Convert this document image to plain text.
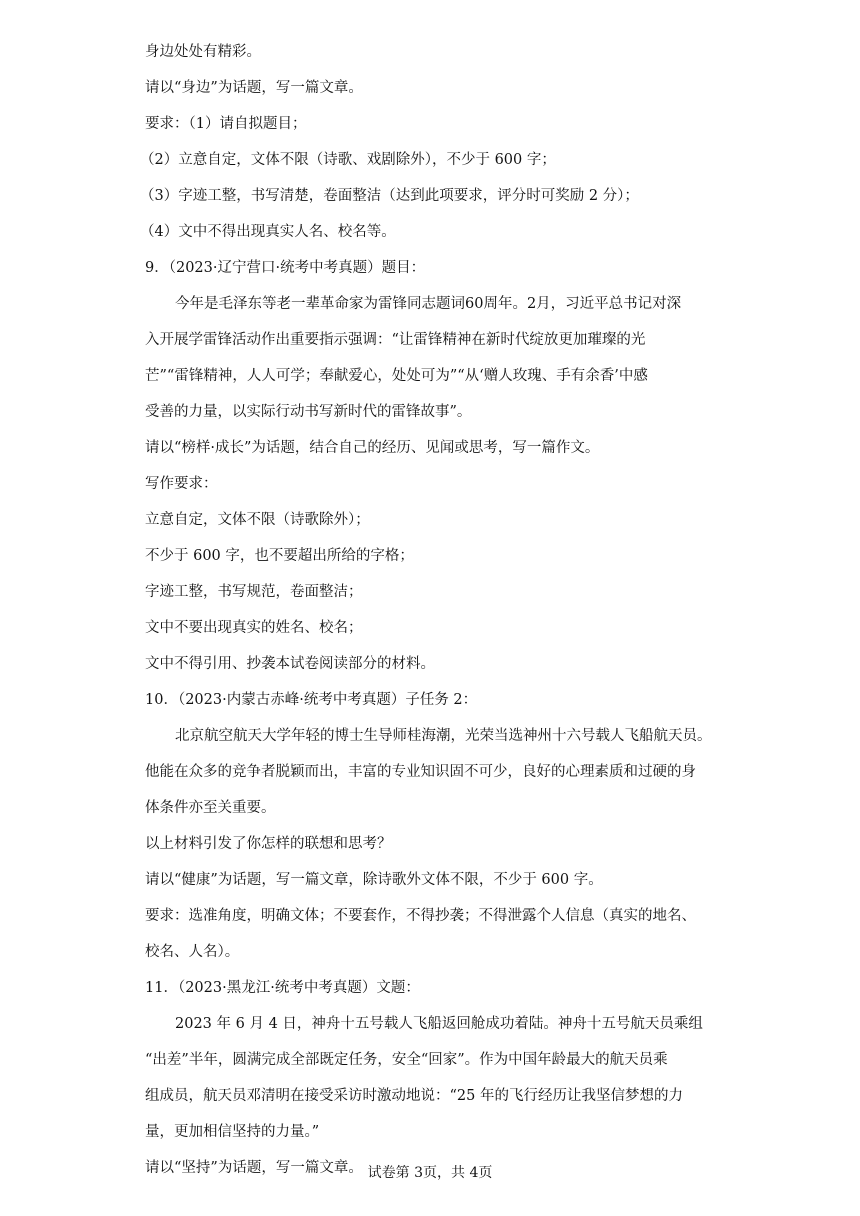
身边处处有精彩。
请以“身边”为话题，写一篇文章。
要求：（1）请自拟题目；
（2）立意自定，文体不限（诗歌、戏剧除外），不少于 600 字；
（3）字迹工整，书写清楚，卷面整洁（达到此项要求，评分时可奖励 2 分）；
（4）文中不得出现真实人名、校名等。
9．（2023·辽宁营口·统考中考真题）题目：
今年是毛泽东等老一辈革命家为雷锋同志题词60周年。2月，习近平总书记对深
入开展学雷锋活动作出重要指示强调：“让雷锋精神在新时代绽放更加璀璨的光
芒”“雷锋精神，人人可学；奉献爱心，处处可为”“从‘赠人玫瑰、手有余香’中感
受善的力量，以实际行动书写新时代的雷锋故事”。
请以“榜样·成长”为话题，结合自己的经历、见闻或思考，写一篇作文。
写作要求：
立意自定，文体不限（诗歌除外）；
不少于 600 字，也不要超出所给的字格；
字迹工整，书写规范，卷面整洁；
文中不要出现真实的姓名、校名；
文中不得引用、抄袭本试卷阅读部分的材料。
10．（2023·内蒙古赤峰·统考中考真题）子任务 2：
北京航空航天大学年轻的博士生导师桂海潮，光荣当选神州十六号载人飞船航天员。
他能在众多的竞争者脱颖而出，丰富的专业知识固不可少，良好的心理素质和过硬的身
体条件亦至关重要。
以上材料引发了你怎样的联想和思考？
请以“健康”为话题，写一篇文章，除诗歌外文体不限，不少于 600 字。
要求：选准角度，明确文体；不要套作，不得抄袭；不得泄露个人信息（真实的地名、
校名、人名）。
11．（2023·黑龙江·统考中考真题）文题：
2023 年 6 月 4 日，神舟十五号载人飞船返回舱成功着陆。神舟十五号航天员乘组
“出差”半年，圆满完成全部既定任务，安全“回家”。作为中国年龄最大的航天员乘
组成员，航天员邓清明在接受采访时激动地说：“25 年的飞行经历让我坚信梦想的力
量，更加相信坚持的力量。”
请以“坚持”为话题，写一篇文章。 试卷第 3页，共 4页
